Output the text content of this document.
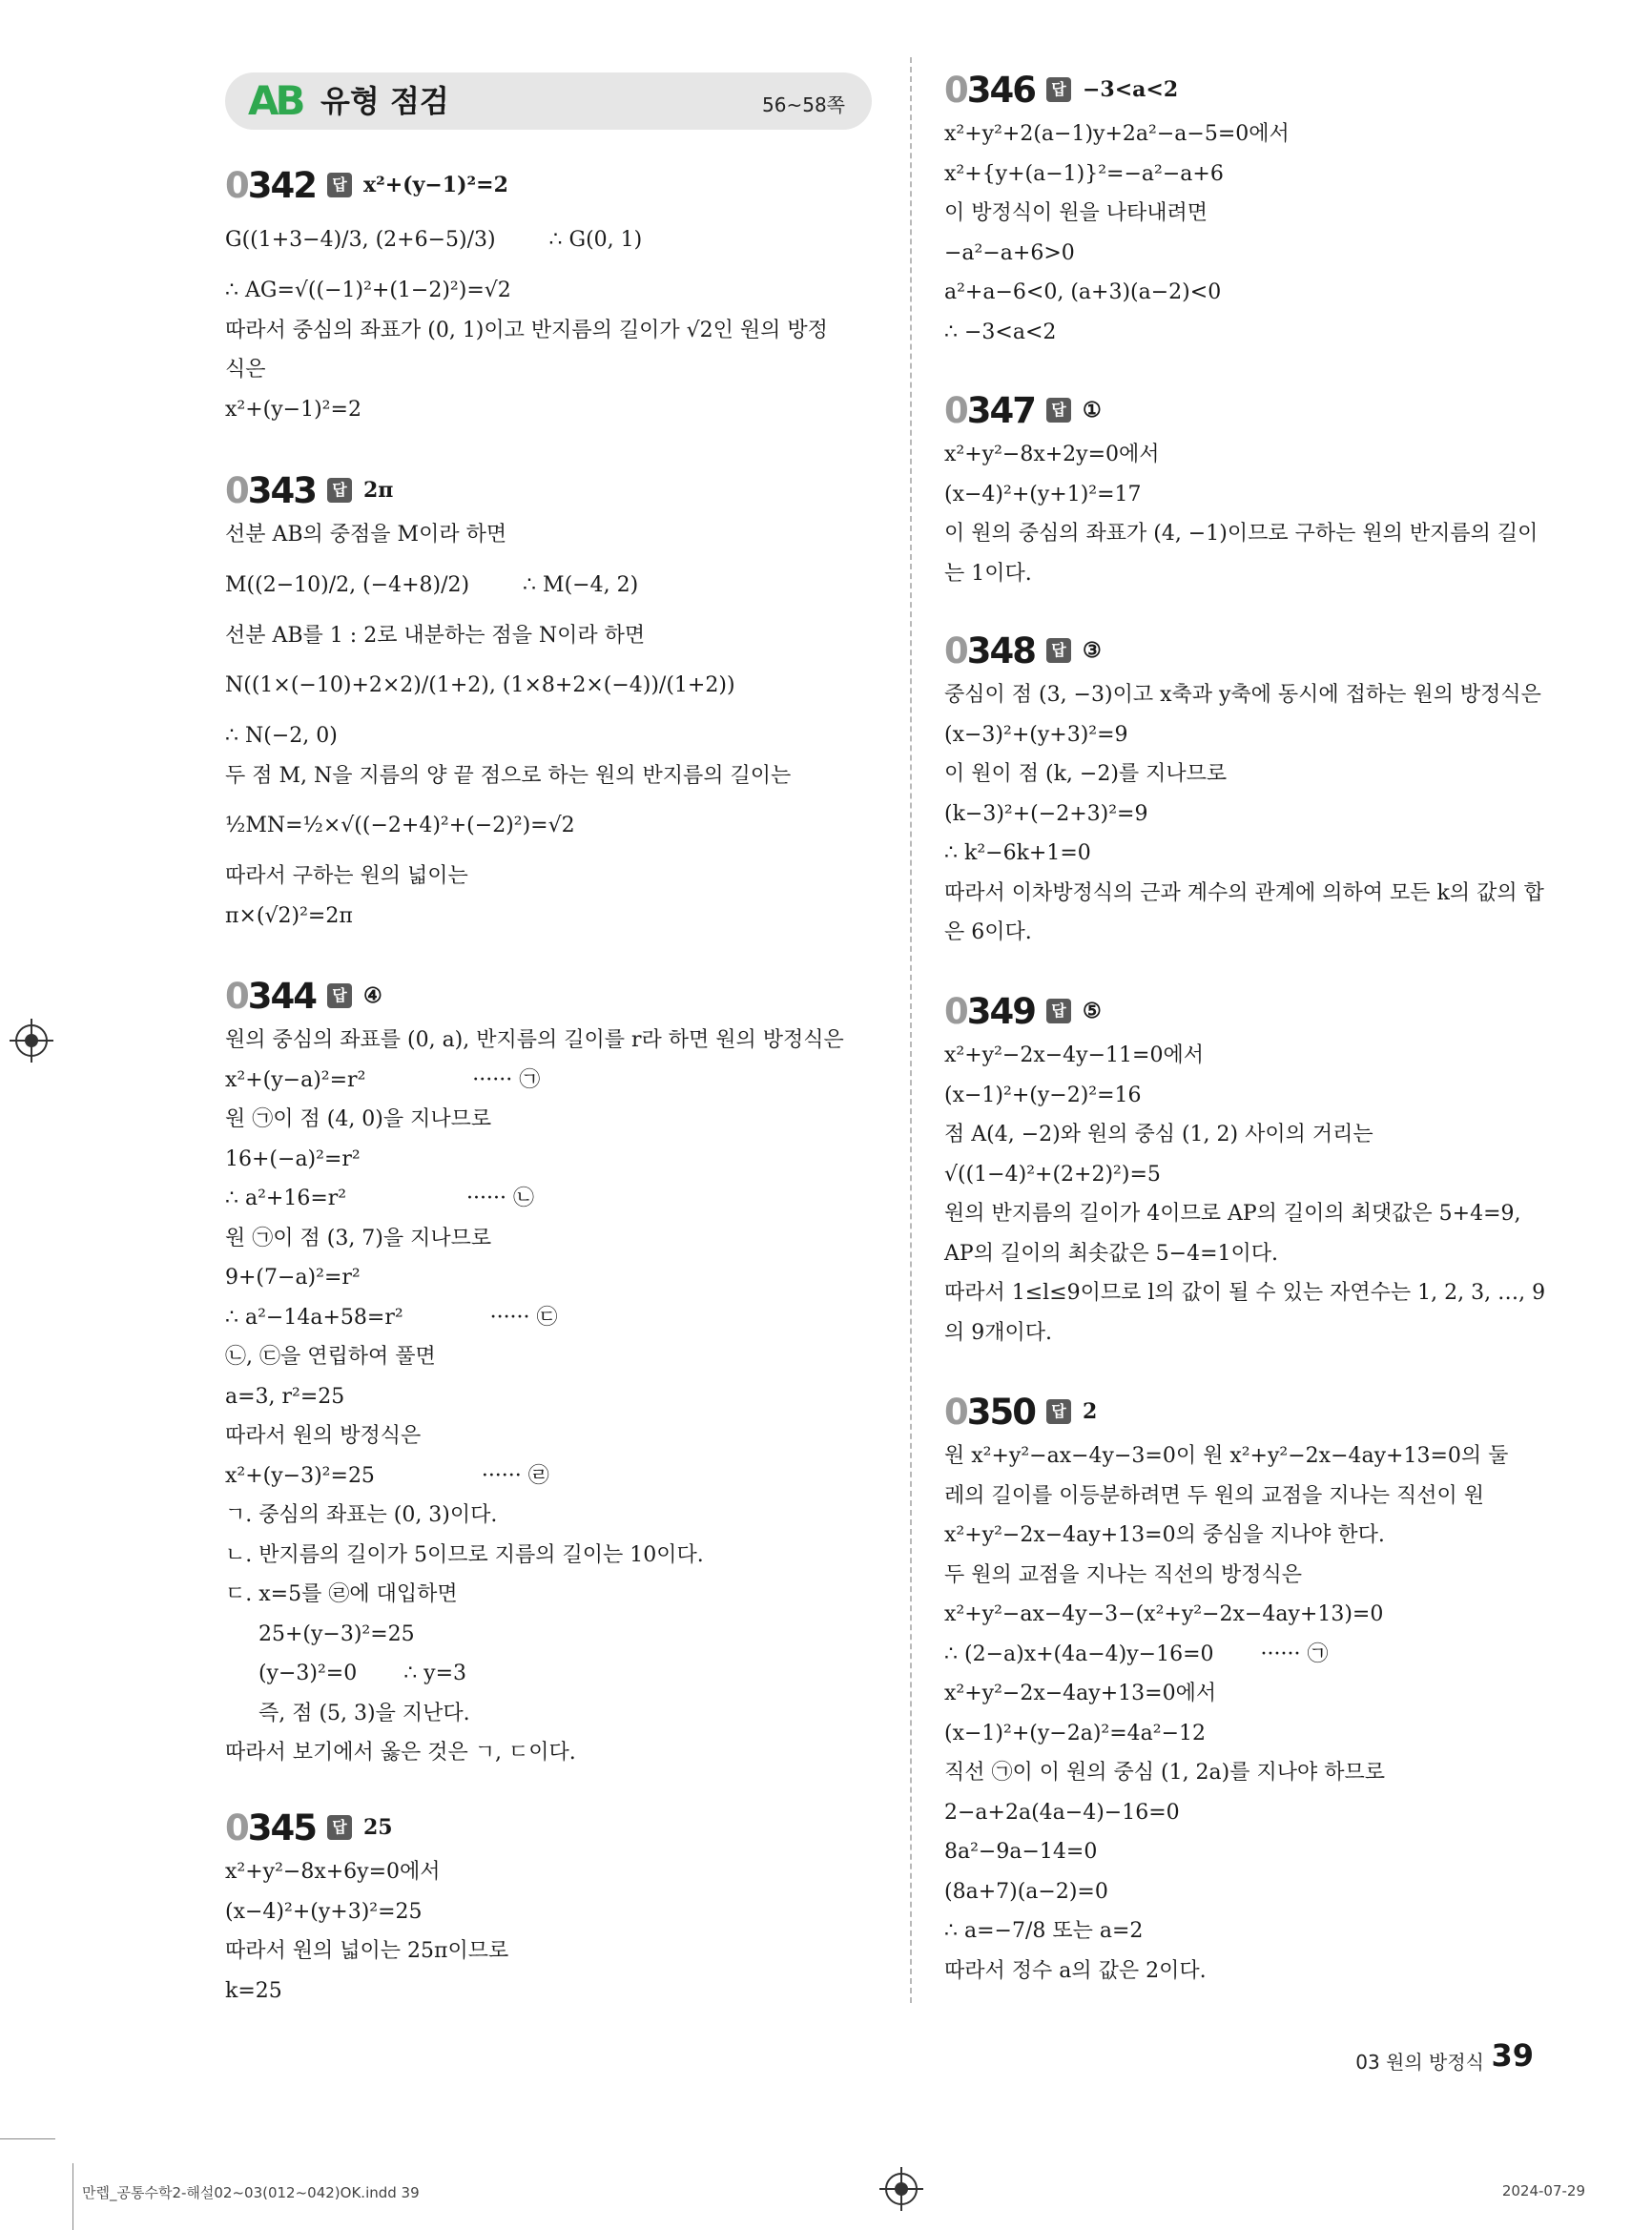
AB 유형 점검	56~58쪽
0342	답 x²+(y−1)²=2
G((1+3−4)/3, (2+6−5)/3)        ∴ G(0, 1)
∴ AG=√((−1)²+(1−2)²)=√2
따라서 중심의 좌표가 (0, 1)이고 반지름의 길이가 √2인 원의 방정
식은
x²+(y−1)²=2
0343	답 2π
선분 AB의 중점을 M이라 하면
M((2−10)/2, (−4+8)/2)        ∴ M(−4, 2)
선분 AB를 1 : 2로 내분하는 점을 N이라 하면
N((1×(−10)+2×2)/(1+2), (1×8+2×(−4))/(1+2))
∴ N(−2, 0)
두 점 M, N을 지름의 양 끝 점으로 하는 원의 반지름의 길이는
½MN=½×√((−2+4)²+(−2)²)=√2
따라서 구하는 원의 넓이는
π×(√2)²=2π
0344	답 ④
원의 중심의 좌표를 (0, a), 반지름의 길이를 r라 하면 원의 방정식은
x²+(y−a)²=r²                ······ ㉠
원 ㉠이 점 (4, 0)을 지나므로
16+(−a)²=r²
∴ a²+16=r²                  ······ ㉡
원 ㉠이 점 (3, 7)을 지나므로
9+(7−a)²=r²
∴ a²−14a+58=r²             ······ ㉢
㉡, ㉢을 연립하여 풀면
a=3, r²=25
따라서 원의 방정식은
x²+(y−3)²=25                ······ ㉣
ㄱ. 중심의 좌표는 (0, 3)이다.
ㄴ. 반지름의 길이가 5이므로 지름의 길이는 10이다.
ㄷ. x=5를 ㉣에 대입하면
25+(y−3)²=25
(y−3)²=0       ∴ y=3
즉, 점 (5, 3)을 지난다.
따라서 보기에서 옳은 것은 ㄱ, ㄷ이다.
0345	답 25
x²+y²−8x+6y=0에서
(x−4)²+(y+3)²=25
따라서 원의 넓이는 25π이므로
k=25
0346	답 −3<a<2
x²+y²+2(a−1)y+2a²−a−5=0에서
x²+{y+(a−1)}²=−a²−a+6
이 방정식이 원을 나타내려면
−a²−a+6>0
a²+a−6<0, (a+3)(a−2)<0
∴ −3<a<2
0347	답 ①
x²+y²−8x+2y=0에서
(x−4)²+(y+1)²=17
이 원의 중심의 좌표가 (4, −1)이므로 구하는 원의 반지름의 길이
는 1이다.
0348	답 ③
중심이 점 (3, −3)이고 x축과 y축에 동시에 접하는 원의 방정식은
(x−3)²+(y+3)²=9
이 원이 점 (k, −2)를 지나므로
(k−3)²+(−2+3)²=9
∴ k²−6k+1=0
따라서 이차방정식의 근과 계수의 관계에 의하여 모든 k의 값의 합
은 6이다.
0349	답 ⑤
x²+y²−2x−4y−11=0에서
(x−1)²+(y−2)²=16
점 A(4, −2)와 원의 중심 (1, 2) 사이의 거리는
√((1−4)²+(2+2)²)=5
원의 반지름의 길이가 4이므로 AP의 길이의 최댓값은 5+4=9,
AP의 길이의 최솟값은 5−4=1이다.
따라서 1≤l≤9이므로 l의 값이 될 수 있는 자연수는 1, 2, 3, …, 9
의 9개이다.
0350	답 2
원 x²+y²−ax−4y−3=0이 원 x²+y²−2x−4ay+13=0의 둘
레의 길이를 이등분하려면 두 원의 교점을 지나는 직선이 원
x²+y²−2x−4ay+13=0의 중심을 지나야 한다.
두 원의 교점을 지나는 직선의 방정식은
x²+y²−ax−4y−3−(x²+y²−2x−4ay+13)=0
∴ (2−a)x+(4a−4)y−16=0       ······ ㉠
x²+y²−2x−4ay+13=0에서
(x−1)²+(y−2a)²=4a²−12
직선 ㉠이 이 원의 중심 (1, 2a)를 지나야 하므로
2−a+2a(4a−4)−16=0
8a²−9a−14=0
(8a+7)(a−2)=0
∴ a=−7/8 또는 a=2
따라서 정수 a의 값은 2이다.
03 원의 방정식 39
만렙_공통수학2-해설02~03(012~042)OK.indd 39	2024-07-29
